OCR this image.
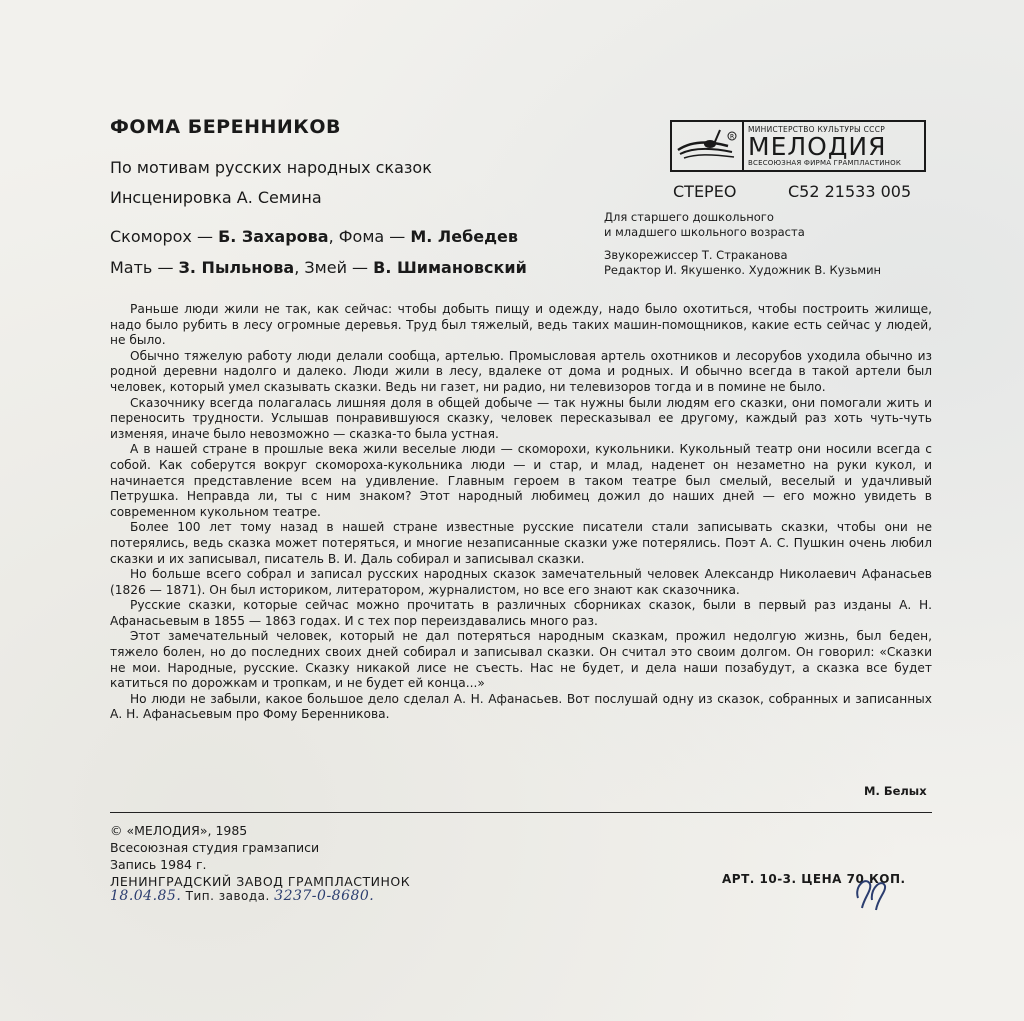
ФОМА БЕРЕННИКОВ
По мотивам русских народных сказок
Инсценировка А. Семина
Скоморох — Б. Захарова, Фома — М. Лебедев
Мать — З. Пыльнова, Змей — В. Шимановский
R
МИНИСТЕРСТВО КУЛЬТУРЫ СССР
МЕЛОДИЯ
ВСЕСОЮЗНАЯ ФИРМА ГРАМПЛАСТИНОК
СТЕРЕО	С52 21533 005
Для старшего дошкольного
и младшего школьного возраста
Звукорежиссер Т. Стракaнова
Редактор И. Якушенко. Художник В. Кузьмин

Раньше люди жили не так, как сейчас: чтобы добыть пищу и одежду, надо было охотиться, чтобы построить жилище, надо было рубить в лесу огромные деревья. Труд был тяжелый, ведь таких машин-помощников, какие есть сейчас у людей, не было.

Обычно тяжелую работу люди делали сообща, артелью. Промысловая артель охотников и лесорубов уходила обычно из родной деревни надолго и далеко. Люди жили в лесу, вдалеке от дома и родных. И обычно всегда в такой артели был человек, который умел сказывать сказки. Ведь ни газет, ни радио, ни телевизоров тогда и в помине не было.

Сказочнику всегда полагалась лишняя доля в общей добыче — так нужны были людям его сказки, они помогали жить и переносить трудности. Услышав понравившуюся сказку, человек пересказывал ее другому, каждый раз хоть чуть-чуть изменяя, иначе было невозможно — сказка-то была устная.

А в нашей стране в прошлые века жили веселые люди — скоморохи, кукольники. Кукольный театр они носили всегда с собой. Как соберутся вокруг скомороха-кукольника люди — и стар, и млад, наденет он незаметно на руки кукол, и начинается представление всем на удивление. Главным героем в таком театре был смелый, веселый и удачливый Петрушка. Неправда ли, ты с ним знаком? Этот народный любимец дожил до наших дней — его можно увидеть в современном кукольном театре.

Более 100 лет тому назад в нашей стране известные русские писатели стали записывать сказки, чтобы они не потерялись, ведь сказка может потеряться, и многие незаписанные сказки уже потерялись. Поэт А. С. Пушкин очень любил сказки и их записывал, писатель В. И. Даль собирал и записывал сказки.

Но больше всего собрал и записал русских народных сказок замечательный человек Александр Николаевич Афанасьев (1826 — 1871). Он был историком, литератором, журналистом, но все его знают как сказочника.

Русские сказки, которые сейчас можно прочитать в различных сборниках сказок, были в первый раз изданы А. Н. Афанасьевым в 1855 — 1863 годах. И с тех пор переиздавались много раз.

Этот замечательный человек, который не дал потеряться народным сказкам, прожил недолгую жизнь, был беден, тяжело болен, но до последних своих дней собирал и записывал сказки. Он считал это своим долгом. Он говорил: «Сказки не мои. Народные, русские. Сказку никакой лисе не съесть. Нас не будет, и дела наши позабудут, а сказка все будет катиться по дорожкам и тропкам, и не будет ей конца...»

Но люди не забыли, какое большое дело сделал А. Н. Афанасьев. Вот послушай одну из сказок, собранных и записанных А. Н. Афанасьевым про Фому Беренникова.

М. Белых
© «МЕЛОДИЯ», 1985
Всесоюзная студия грамзаписи
Запись 1984 г.
ЛЕНИНГРАДСКИЙ ЗАВОД ГРАМПЛАСТИНОК
18.04.85. Тип. завода. 3237-0-8680.
АРТ. 10-3. ЦЕНА 70 КОП.
